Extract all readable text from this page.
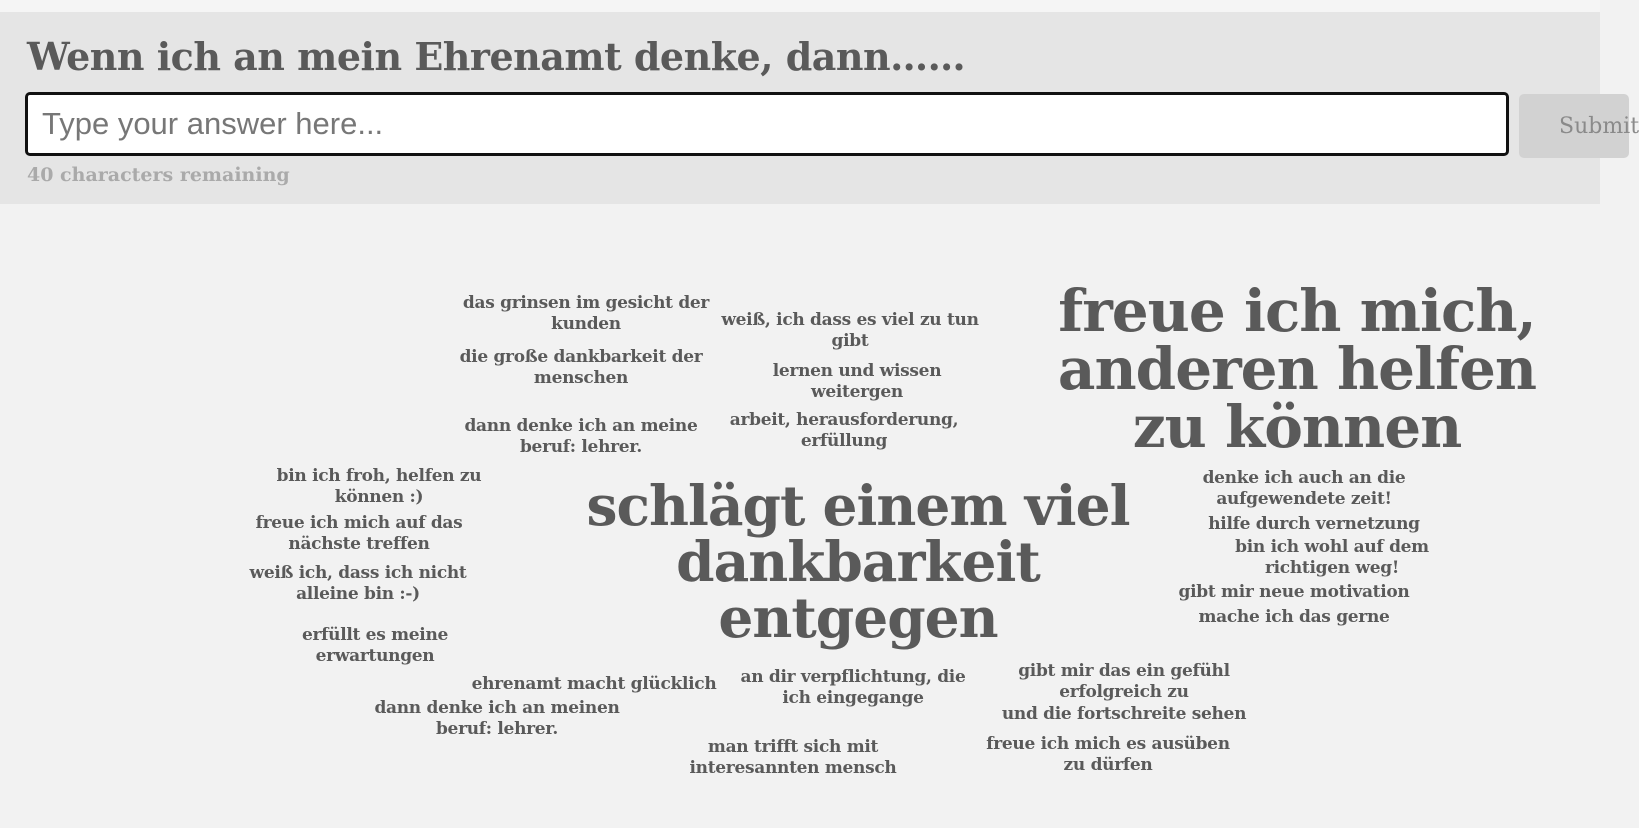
Wenn ich an mein Ehrenamt denke, dann……
Type your answer here...
Submit
40 characters remaining
freue ich mich, anderen helfen zu können
schlägt einem viel dankbarkeit entgegen
das grinsen im gesicht der kunden	weiß, ich dass es viel zu tun gibt
die große dankbarkeit der menschen	lernen und wissen weitergen
dann denke ich an meine beruf: lehrer.
arbeit, herausforderung, erfüllung
bin ich froh, helfen zu können :)
freue ich mich auf das nächste treffen
weiß ich, dass ich nicht alleine bin :-)
erfüllt es meine erwartungen
denke ich auch an die aufgewendete zeit!
hilfe durch vernetzung
bin ich wohl auf dem richtigen weg!
gibt mir neue motivation
mache ich das gerne
ehrenamt macht glücklich	an dir verpflichtung, die ich eingegange
gibt mir das ein gefühl erfolgreich zu
und die fortschreite sehen
dann denke ich an meinen beruf: lehrer.
man trifft sich mit interesannten mensch
freue ich mich es ausüben zu dürfen
